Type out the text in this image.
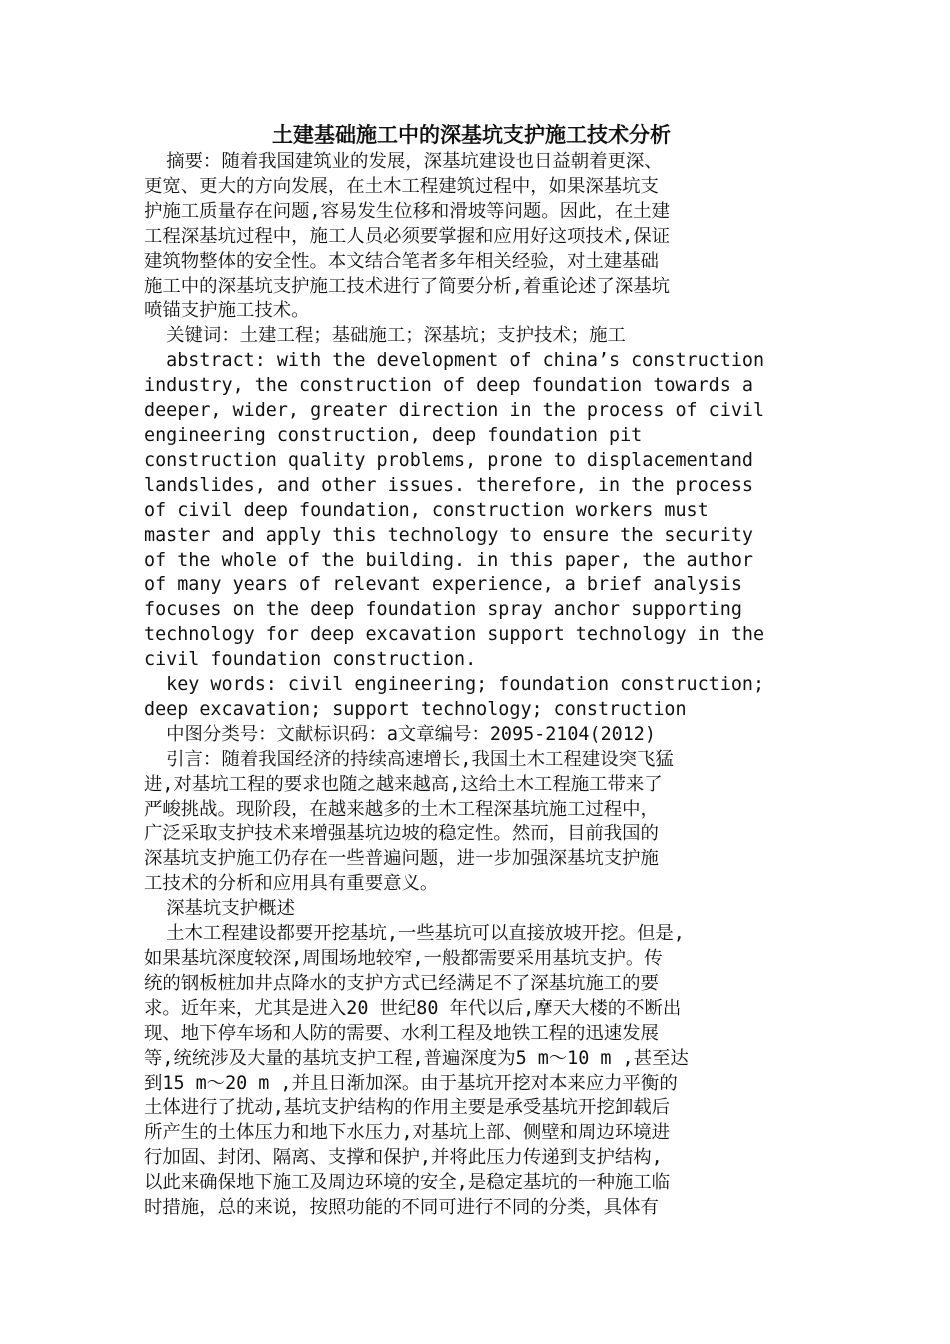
土建基础施工中的深基坑支护施工技术分析

摘要：随着我国建筑业的发展，深基坑建设也日益朝着更深、

更宽、更大的方向发展，在土木工程建筑过程中，如果深基坑支

护施工质量存在问题,容易发生位移和滑坡等问题。因此，在土建

工程深基坑过程中，施工人员必须要掌握和应用好这项技术,保证

建筑物整体的安全性。本文结合笔者多年相关经验，对土建基础

施工中的深基坑支护施工技术进行了简要分析,着重论述了深基坑

喷锚支护施工技术。

关键词：土建工程；基础施工；深基坑；支护技术；施工

abstract: with the development of china’s construction

industry, the construction of deep foundation towards a

deeper, wider, greater direction in the process of civil

engineering construction, deep foundation pit

construction quality problems, prone to displacementand

landslides, and other issues. therefore, in the process

of civil deep foundation, construction workers must

master and apply this technology to ensure the security

of the whole of the building. in this paper, the author

of many years of relevant experience, a brief analysis

focuses on the deep foundation spray anchor supporting

technology for deep excavation support technology in the

civil foundation construction.

key words: civil engineering; foundation construction;

deep excavation; support technology; construction

中图分类号：文献标识码：a文章编号：2095-2104(2012)

引言：随着我国经济的持续高速增长,我国土木工程建设突飞猛

进,对基坑工程的要求也随之越来越高,这给土木工程施工带来了

严峻挑战。现阶段，在越来越多的土木工程深基坑施工过程中，

广泛采取支护技术来增强基坑边坡的稳定性。然而，目前我国的

深基坑支护施工仍存在一些普遍问题，进一步加强深基坑支护施

工技术的分析和应用具有重要意义。

深基坑支护概述

土木工程建设都要开挖基坑,一些基坑可以直接放坡开挖。但是,

如果基坑深度较深,周围场地较窄,一般都需要采用基坑支护。传

统的钢板桩加井点降水的支护方式已经满足不了深基坑施工的要

求。近年来，尤其是进入20 世纪80 年代以后,摩天大楼的不断出

现、地下停车场和人防的需要、水利工程及地铁工程的迅速发展

等,统统涉及大量的基坑支护工程,普遍深度为5 m～10 m ,甚至达

到15 m～20 m ,并且日渐加深。由于基坑开挖对本来应力平衡的

土体进行了扰动,基坑支护结构的作用主要是承受基坑开挖卸载后

所产生的土体压力和地下水压力,对基坑上部、侧壁和周边环境进

行加固、封闭、隔离、支撑和保护,并将此压力传递到支护结构,

以此来确保地下施工及周边环境的安全,是稳定基坑的一种施工临

时措施，总的来说，按照功能的不同可进行不同的分类，具体有
